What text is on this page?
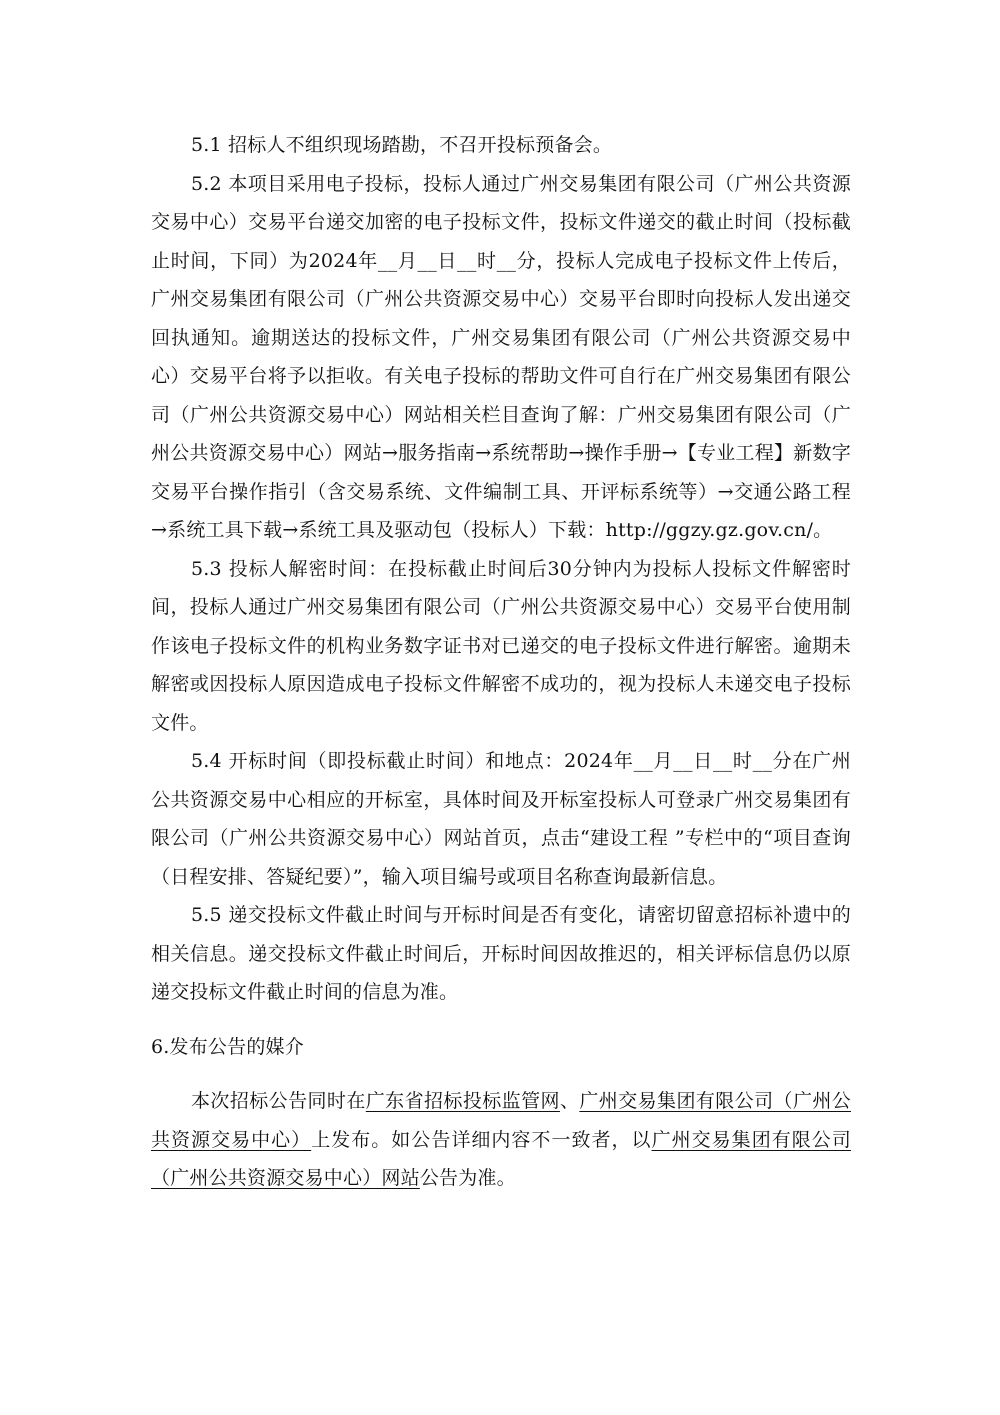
5.1 招标人不组织现场踏勘，不召开投标预备会。

5.2 本项目采用电子投标，投标人通过广州交易集团有限公司（广州公共资源交易中心）交易平台递交加密的电子投标文件，投标文件递交的截止时间（投标截止时间，下同）为2024年__月__日__时__分，投标人完成电子投标文件上传后，广州交易集团有限公司（广州公共资源交易中心）交易平台即时向投标人发出递交回执通知。逾期送达的投标文件，广州交易集团有限公司（广州公共资源交易中心）交易平台将予以拒收。有关电子投标的帮助文件可自行在广州交易集团有限公司（广州公共资源交易中心）网站相关栏目查询了解：广州交易集团有限公司（广州公共资源交易中心）网站→服务指南→系统帮助→操作手册→【专业工程】新数字交易平台操作指引（含交易系统、文件编制工具、开评标系统等）→交通公路工程→系统工具下载→系统工具及驱动包（投标人）下载：http://ggzy.gz.gov.cn/。

5.3 投标人解密时间：在投标截止时间后30分钟内为投标人投标文件解密时间，投标人通过广州交易集团有限公司（广州公共资源交易中心）交易平台使用制作该电子投标文件的机构业务数字证书对已递交的电子投标文件进行解密。逾期未解密或因投标人原因造成电子投标文件解密不成功的，视为投标人未递交电子投标文件。

5.4 开标时间（即投标截止时间）和地点：2024年__月__日__时__分在广州公共资源交易中心相应的开标室，具体时间及开标室投标人可登录广州交易集团有限公司（广州公共资源交易中心）网站首页，点击“建设工程 ”专栏中的“项目查询（日程安排、答疑纪要）”，输入项目编号或项目名称查询最新信息。

5.5 递交投标文件截止时间与开标时间是否有变化，请密切留意招标补遗中的相关信息。递交投标文件截止时间后，开标时间因故推迟的，相关评标信息仍以原递交投标文件截止时间的信息为准。

6.发布公告的媒介

本次招标公告同时在广东省招标投标监管网、广州交易集团有限公司（广州公共资源交易中心）上发布。如公告详细内容不一致者，以广州交易集团有限公司（广州公共资源交易中心）网站公告为准。
